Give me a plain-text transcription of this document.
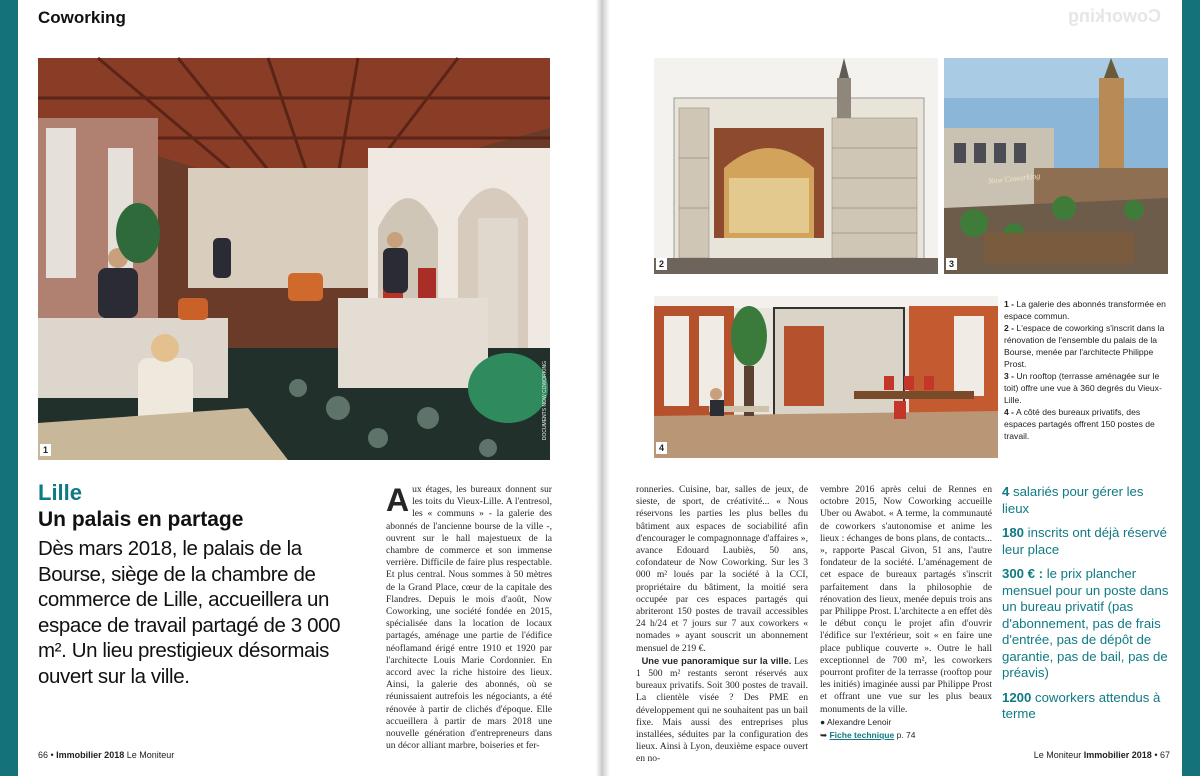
Coworking
1
DOCUMENTS NOW COWORKING
Lille
Un palais en partage
Dès mars 2018, le palais de la Bourse, siège de la chambre de commerce de Lille, accueillera un espace de travail partagé de 3 000 m². Un lieu prestigieux désormais ouvert sur la ville.
Aux étages, les bureaux donnent sur les toits du Vieux-Lille. A l'entresol, les « communs » - la galerie des abonnés de l'ancienne bourse de la ville -, ouvrent sur le hall majestueux de la chambre de commerce et son immense verrière. Difficile de faire plus respectable. Et plus central. Nous sommes à 50 mètres de la Grand Place, cœur de la capitale des Flandres. Depuis le mois d'août, Now Coworking, une société fondée en 2015, spécialisée dans la location de locaux partagés, aménage une partie de l'édifice néoflamand érigé entre 1910 et 1920 par l'architecte Louis Marie Cordonnier. En accord avec la riche histoire des lieux. Ainsi, la galerie des abonnés, où se réunissaient autrefois les négociants, a été rénovée à partir de clichés d'époque. Elle accueillera à partir de mars 2018 une nouvelle génération d'entrepreneurs dans un décor alliant marbre, boiseries et fer-
66 • Immobilier 2018 Le Moniteur
ronneries. Cuisine, bar, salles de jeux, de sieste, de sport, de créativité... « Nous réservons les parties les plus belles du bâtiment aux espaces de sociabilité afin d'encourager le compagnonnage d'affaires », avance Edouard Laubiès, 50 ans, cofondateur de Now Coworking. Sur les 3 000 m² loués par la société à la CCI, propriétaire du bâtiment, la moitié sera occupée par ces espaces partagés qui abriteront 150 postes de travail accessibles 24 h/24 et 7 jours sur 7 aux coworkers « nomades » ayant souscrit un abonnement mensuel de 219 €.
Une vue panoramique sur la ville. Les 1 500 m² restants seront réservés aux bureaux privatifs. Soit 300 postes de travail. La clientèle visée ? Des PME en développement qui ne souhaitent pas un bail fixe. Mais aussi des entreprises plus installées, séduites par la configuration des lieux. Ainsi à Lyon, deuxième espace ouvert en no-
Coworking
2
Now Coworking
3
4
1 - La galerie des abonnés transformée en espace commun.
2 - L'espace de coworking s'inscrit dans la rénovation de l'ensemble du palais de la Bourse, menée par l'architecte Philippe Prost.
3 - Un rooftop (terrasse aménagée sur le toit) offre une vue à 360 degrés du Vieux-Lille.
4 - A côté des bureaux privatifs, des espaces partagés offrent 150 postes de travail.
vembre 2016 après celui de Rennes en octobre 2015, Now Coworking accueille Uber ou Awabot. « A terme, la communauté de coworkers s'autonomise et anime les lieux : échanges de bons plans, de contacts... », rapporte Pascal Givon, 51 ans, l'autre fondateur de la société. L'aménagement de cet espace de bureaux partagés s'inscrit parfaitement dans la philosophie de rénovation des lieux, menée depuis trois ans par Philippe Prost. L'architecte a en effet dès le début conçu le projet afin d'ouvrir l'édifice sur l'extérieur, soit « en faire une place publique couverte ». Outre le hall exceptionnel de 700 m², les coworkers pourront profiter de la terrasse (rooftop pour les initiés) imaginée aussi par Philippe Prost et offrant une vue sur les plus beaux monuments de la ville.
● Alexandre Lenoir
➥ Fiche technique p. 74
4 salariés pour gérer les lieux
180 inscrits ont déjà réservé leur place
300 € : le prix plancher mensuel pour un poste dans un bureau privatif (pas d'abonnement, pas de frais d'entrée, pas de dépôt de garantie, pas de bail, pas de préavis)
1200 coworkers attendus à terme
Le Moniteur Immobilier 2018 • 67
